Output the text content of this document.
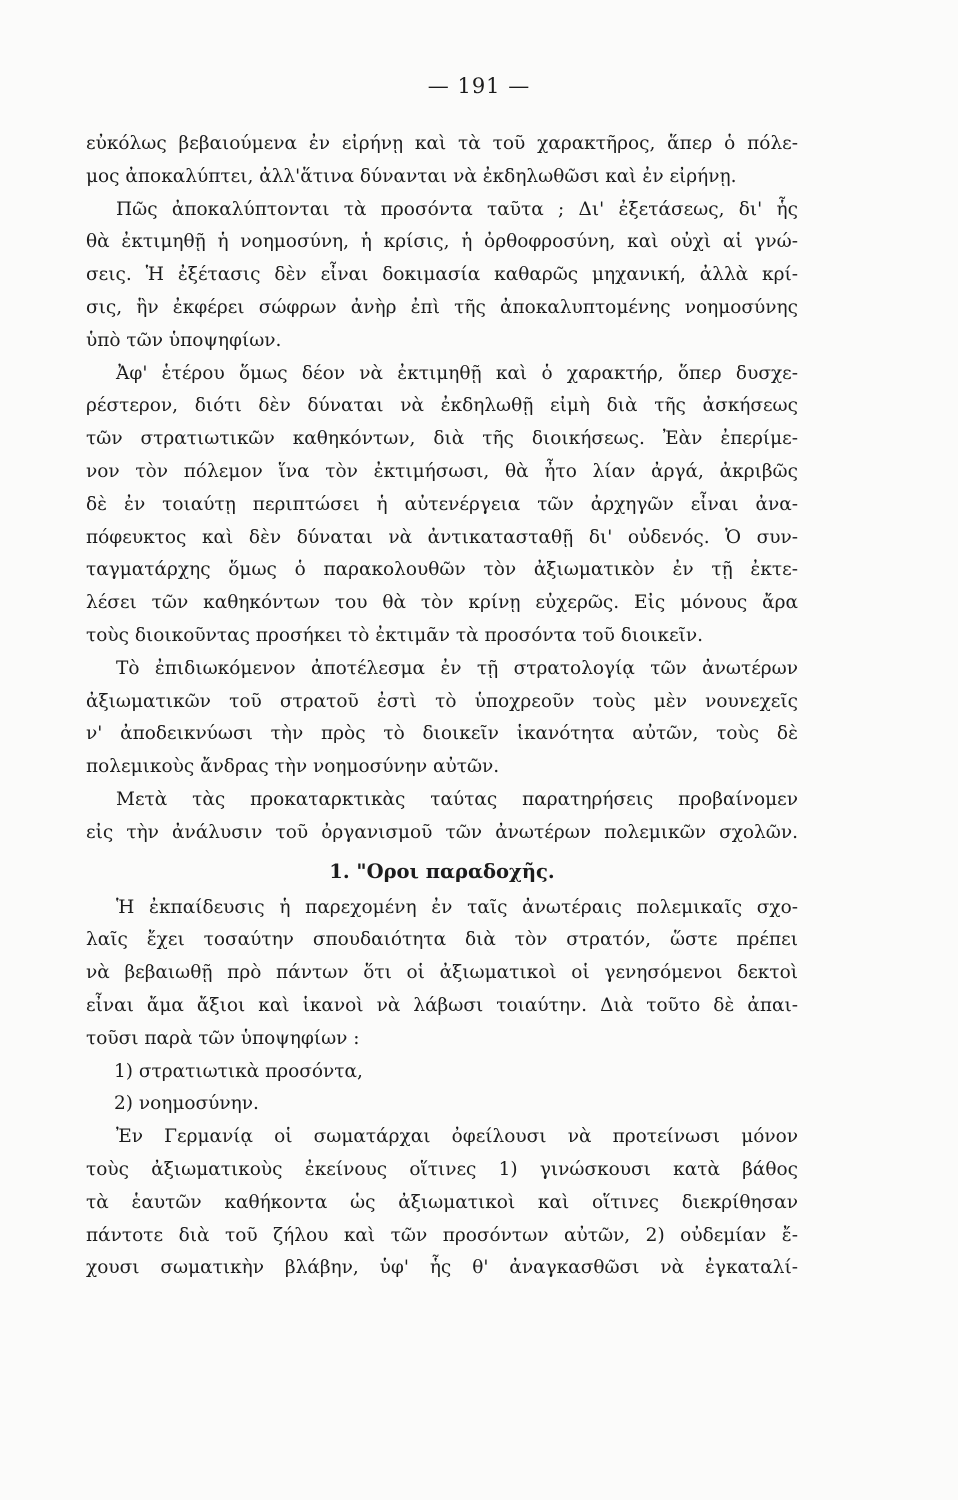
— 191 —
εὐκόλως βεβαιούμενα ἐν εἰρήνῃ καὶ τὰ τοῦ χαρακτῆρος, ἅπερ ὁ πόλε-
μος ἀποκαλύπτει, ἀλλ'ἅτινα δύνανται νὰ ἐκδηλωθῶσι καὶ ἐν εἰρήνῃ.
Πῶς ἀποκαλύπτονται τὰ προσόντα ταῦτα ; Δι' ἐξετάσεως, δι' ἧς
θὰ ἐκτιμηθῇ ἡ νοημοσύνη, ἡ κρίσις, ἡ ὀρθοφροσύνη, καὶ οὐχὶ αἱ γνώ-
σεις. Ἡ ἐξέτασις δὲν εἶναι δοκιμασία καθαρῶς μηχανική, ἀλλὰ κρί-
σις, ἣν ἐκφέρει σώφρων ἀνὴρ ἐπὶ τῆς ἀποκαλυπτομένης νοημοσύνης
ὑπὸ τῶν ὑποψηφίων.
Ἀφ' ἑτέρου ὅμως δέον νὰ ἐκτιμηθῇ καὶ ὁ χαρακτήρ, ὅπερ δυσχε-
ρέστερον, διότι δὲν δύναται νὰ ἐκδηλωθῇ εἰμὴ διὰ τῆς ἀσκήσεως
τῶν στρατιωτικῶν καθηκόντων, διὰ τῆς διοικήσεως. Ἐὰν ἐπερίμε-
νον τὸν πόλεμον ἵνα τὸν ἐκτιμήσωσι, θὰ ἦτο λίαν ἀργά, ἀκριβῶς
δὲ ἐν τοιαύτῃ περιπτώσει ἡ αὐτενέργεια τῶν ἀρχηγῶν εἶναι ἀνα-
πόφευκτος καὶ δὲν δύναται νὰ ἀντικατασταθῇ δι' οὐδενός. Ὁ συν-
ταγματάρχης ὅμως ὁ παρακολουθῶν τὸν ἀξιωματικὸν ἐν τῇ ἐκτε-
λέσει τῶν καθηκόντων του θὰ τὸν κρίνῃ εὐχερῶς. Εἰς μόνους ἄρα
τοὺς διοικοῦντας προσήκει τὸ ἐκτιμᾶν τὰ προσόντα τοῦ διοικεῖν.
Τὸ ἐπιδιωκόμενον ἀποτέλεσμα ἐν τῇ στρατολογίᾳ τῶν ἀνωτέρων
ἀξιωματικῶν τοῦ στρατοῦ ἐστὶ τὸ ὑποχρεοῦν τοὺς μὲν νουνεχεῖς
ν' ἀποδεικνύωσι τὴν πρὸς τὸ διοικεῖν ἱκανότητα αὐτῶν, τοὺς δὲ
πολεμικοὺς ἄνδρας τὴν νοημοσύνην αὐτῶν.
Μετὰ τὰς προκαταρκτικὰς ταύτας παρατηρήσεις προβαίνομεν
εἰς τὴν ἀνάλυσιν τοῦ ὀργανισμοῦ τῶν ἀνωτέρων πολεμικῶν σχολῶν.
1. "Οροι παραδοχῆς.
Ἡ ἐκπαίδευσις ἡ παρεχομένη ἐν ταῖς ἀνωτέραις πολεμικαῖς σχο-
λαῖς ἔχει τοσαύτην σπουδαιότητα διὰ τὸν στρατόν, ὥστε πρέπει
νὰ βεβαιωθῇ πρὸ πάντων ὅτι οἱ ἀξιωματικοὶ οἱ γενησόμενοι δεκτοὶ
εἶναι ἄμα ἄξιοι καὶ ἱκανοὶ νὰ λάβωσι τοιαύτην. Διὰ τοῦτο δὲ ἀπαι-
τοῦσι παρὰ τῶν ὑποψηφίων :
1) στρατιωτικὰ προσόντα,
2) νοημοσύνην.
Ἐν Γερμανίᾳ οἱ σωματάρχαι ὀφείλουσι νὰ προτείνωσι μόνον
τοὺς ἀξιωματικοὺς ἐκείνους οἵτινες 1) γινώσκουσι κατὰ βάθος
τὰ ἑαυτῶν καθήκοντα ὡς ἀξιωματικοὶ καὶ οἵτινες διεκρίθησαν
πάντοτε διὰ τοῦ ζήλου καὶ τῶν προσόντων αὐτῶν, 2) οὐδεμίαν ἔ-
χουσι σωματικὴν βλάβην, ὑφ' ἧς θ' ἀναγκασθῶσι νὰ ἐγκαταλί-
